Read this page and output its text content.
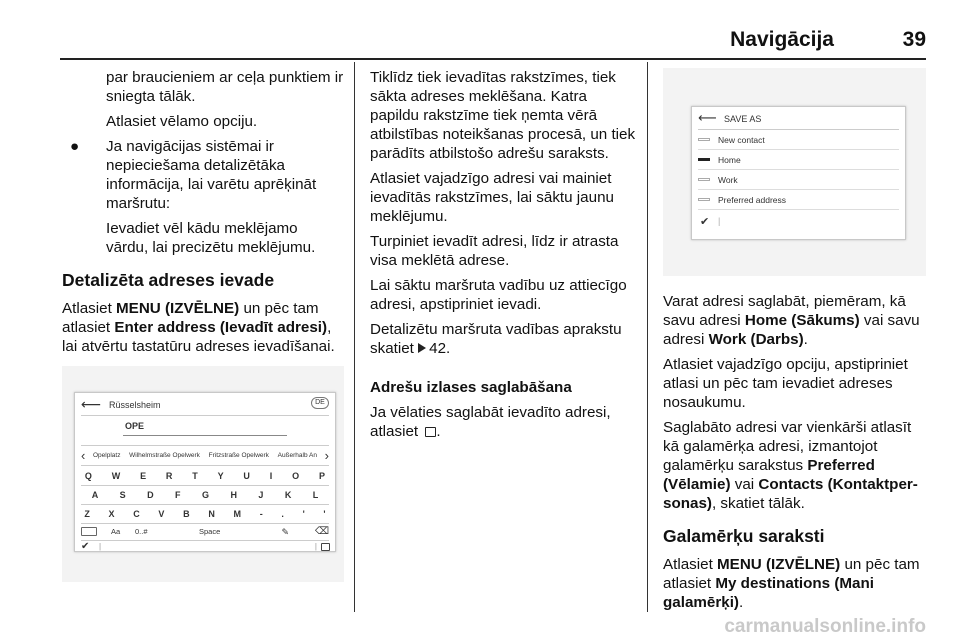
Navigācija	39

par braucieniem ar ceļa punktiem ir sniegta tālāk.

Atlasiet vēlamo opciju.

● Ja navigācijas sistēmai ir nepieciešama detalizētāka informācija, lai varētu aprēķināt maršrutu:

Ievadiet vēl kādu meklējamo vārdu, lai precizētu meklējumu.

Detalizēta adreses ievade

Atlasiet MENU (IZVĒLNE) un pēc tam atlasiet Enter address (Ievadīt adresi), lai atvērtu tastatūru adreses ievadīšanai.

⟵ Rüsselsheim	DE
OPE
‹	›
Opelplatz Wilhelmstraße Opelwerk Fritzstraße Opelwerk Außerhalb An
Q W E R T Y U I O P
A S D F G H J K L
Z X C V B N M - . ' '
Aa 0..#	Space	✎	⌫
✔ |	|

Tiklīdz tiek ievadītas rakstzīmes, tiek sākta adreses meklēšana. Katra papildu rakstzīme tiek ņemta vērā atbilstības noteikšanas procesā, un tiek parādīts atbilstošo adrešu saraksts.

Atlasiet vajadzīgo adresi vai mainiet ievadītās rakstzīmes, lai sāktu jaunu meklējumu.

Turpiniet ievadīt adresi, līdz ir atrasta visa meklētā adrese.

Lai sāktu maršruta vadību uz attiecīgo adresi, apstipriniet ievadi.

Detalizētu maršruta vadības aprakstu skatiet 42.

Adrešu izlases saglabāšana

Ja vēlaties saglabāt ievadīto adresi, atlasiet .

⟵ SAVE AS
New contact
Home
Work
Preferred address
✔ |

Varat adresi saglabāt, piemēram, kā savu adresi Home (Sākums) vai savu adresi Work (Darbs).

Atlasiet vajadzīgo opciju, apstipriniet atlasi un pēc tam ievadiet adreses nosaukumu.

Saglabāto adresi var vienkārši atlasīt kā galamērķa adresi, izmantojot galamērķu sarakstus Preferred (Vēlamie) vai Contacts (Kontaktper-sonas), skatiet tālāk.

Galamērķu saraksti

Atlasiet MENU (IZVĒLNE) un pēc tam atlasiet My destinations (Mani galamērķi).

carmanualsonline.info
